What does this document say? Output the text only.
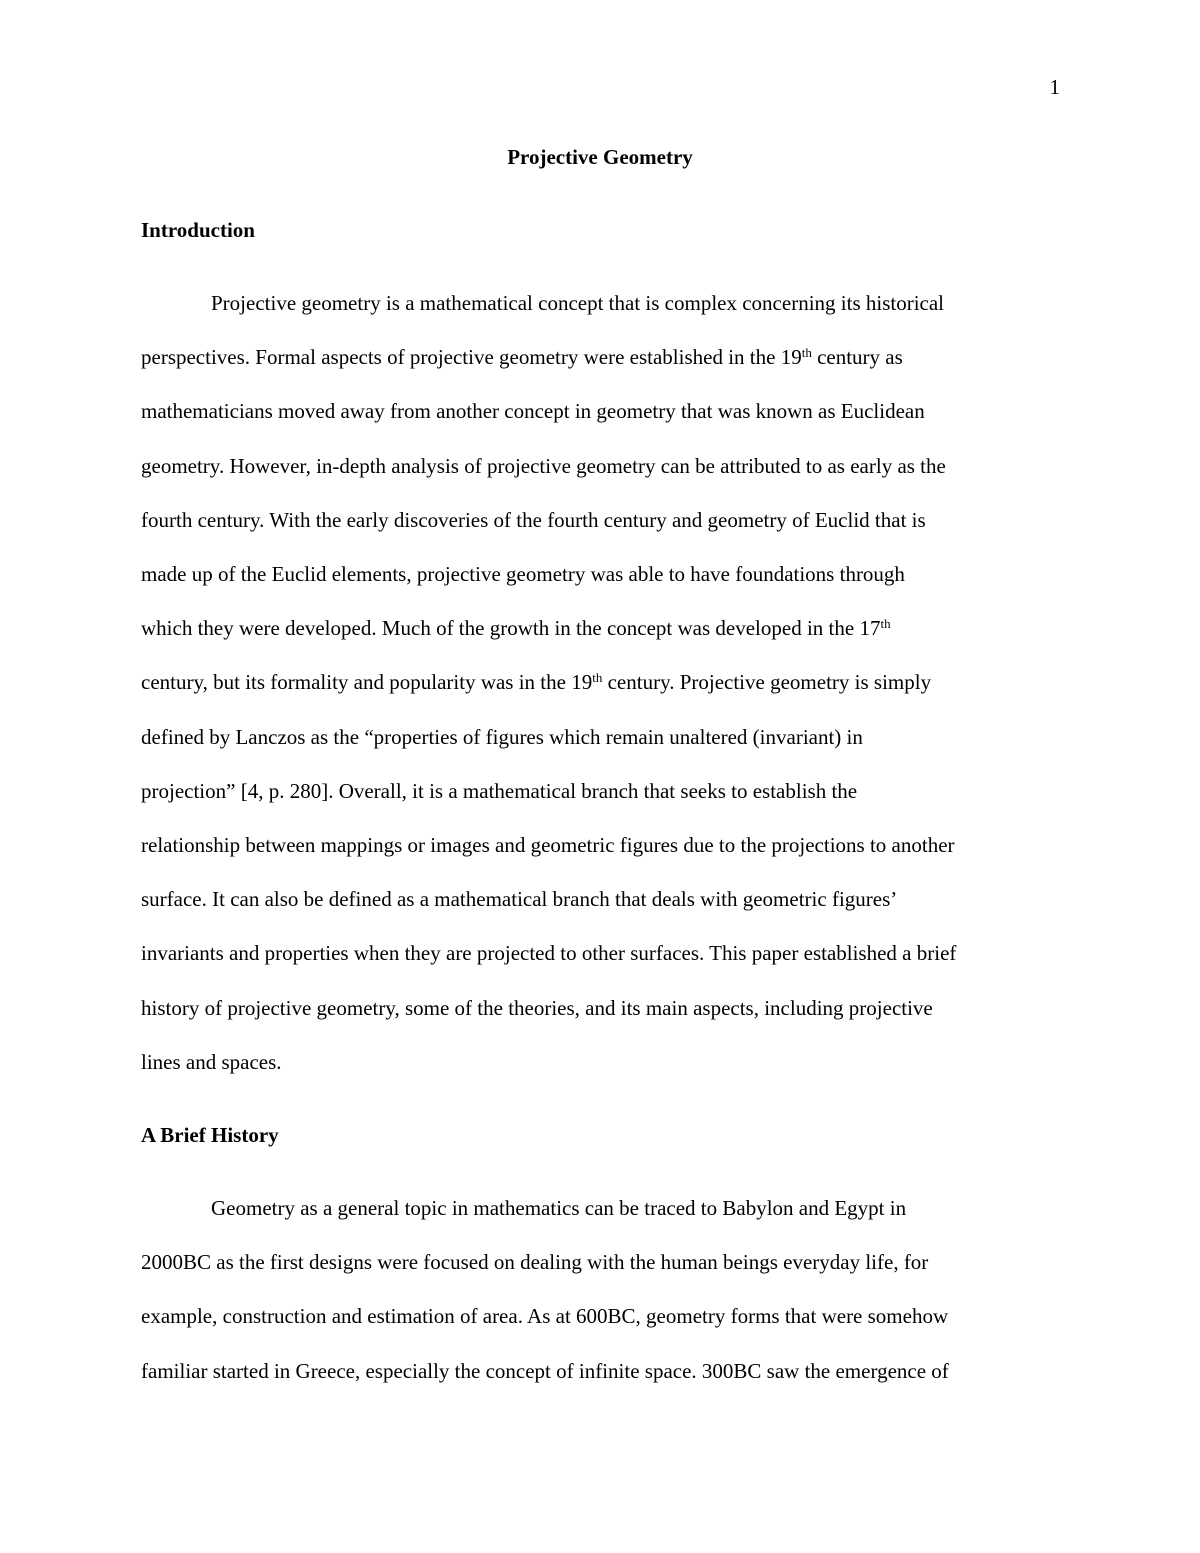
1
Projective Geometry
Introduction
Projective geometry is a mathematical concept that is complex concerning its historical
perspectives. Formal aspects of projective geometry were established in the 19th century as
mathematicians moved away from another concept in geometry that was known as Euclidean
geometry. However, in-depth analysis of projective geometry can be attributed to as early as the
fourth century. With the early discoveries of the fourth century and geometry of Euclid that is
made up of the Euclid elements, projective geometry was able to have foundations through
which they were developed. Much of the growth in the concept was developed in the 17th
century, but its formality and popularity was in the 19th century. Projective geometry is simply
defined by Lanczos as the “properties of figures which remain unaltered (invariant) in
projection” [4, p. 280]. Overall, it is a mathematical branch that seeks to establish the
relationship between mappings or images and geometric figures due to the projections to another
surface. It can also be defined as a mathematical branch that deals with geometric figures’
invariants and properties when they are projected to other surfaces. This paper established a brief
history of projective geometry, some of the theories, and its main aspects, including projective
lines and spaces.
A Brief History
Geometry as a general topic in mathematics can be traced to Babylon and Egypt in
2000BC as the first designs were focused on dealing with the human beings everyday life, for
example, construction and estimation of area. As at 600BC, geometry forms that were somehow
familiar started in Greece, especially the concept of infinite space. 300BC saw the emergence of
